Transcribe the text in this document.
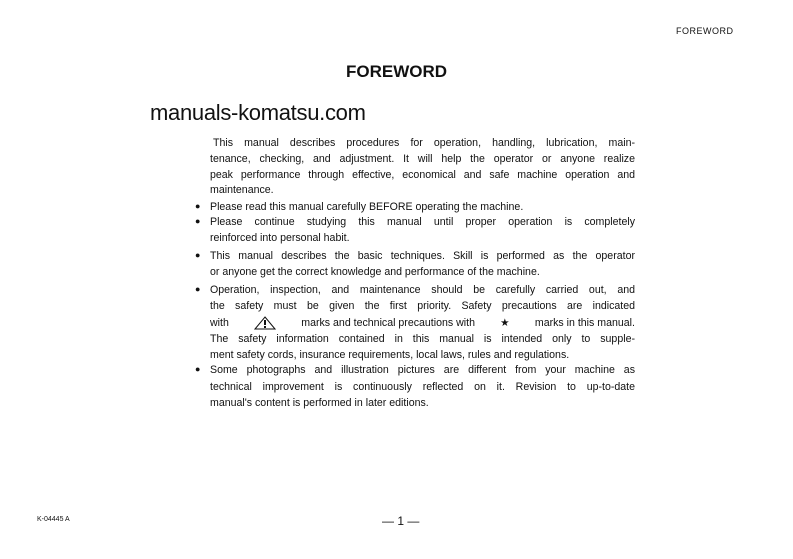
FOREWORD
FOREWORD
manuals-komatsu.com
This manual describes procedures for operation, handling, lubrication, main-
tenance, checking, and adjustment. It will help the operator or anyone realize
peak performance through effective, economical and safe machine operation and
maintenance.
● Please read this manual carefully BEFORE operating the machine.
● Please continue studying this manual until proper operation is completely
reinforced into personal habit.
● This manual describes the basic techniques. Skill is performed as the operator
or anyone get the correct knowledge and performance of the machine.
● Operation, inspection, and maintenance should be carefully carried out, and
the safety must be given the first priority. Safety precautions are indicated
with	marks and technical precautions with ★ marks in this manual.
The safety information contained in this manual is intended only to supple-
ment safety cords, insurance requirements, local laws, rules and regulations.
● Some photographs and illustration pictures are different from your machine as
technical improvement is continuously reflected on it. Revision to up-to-date
manual's content is performed in later editions.
K-04445 A	— 1 —
